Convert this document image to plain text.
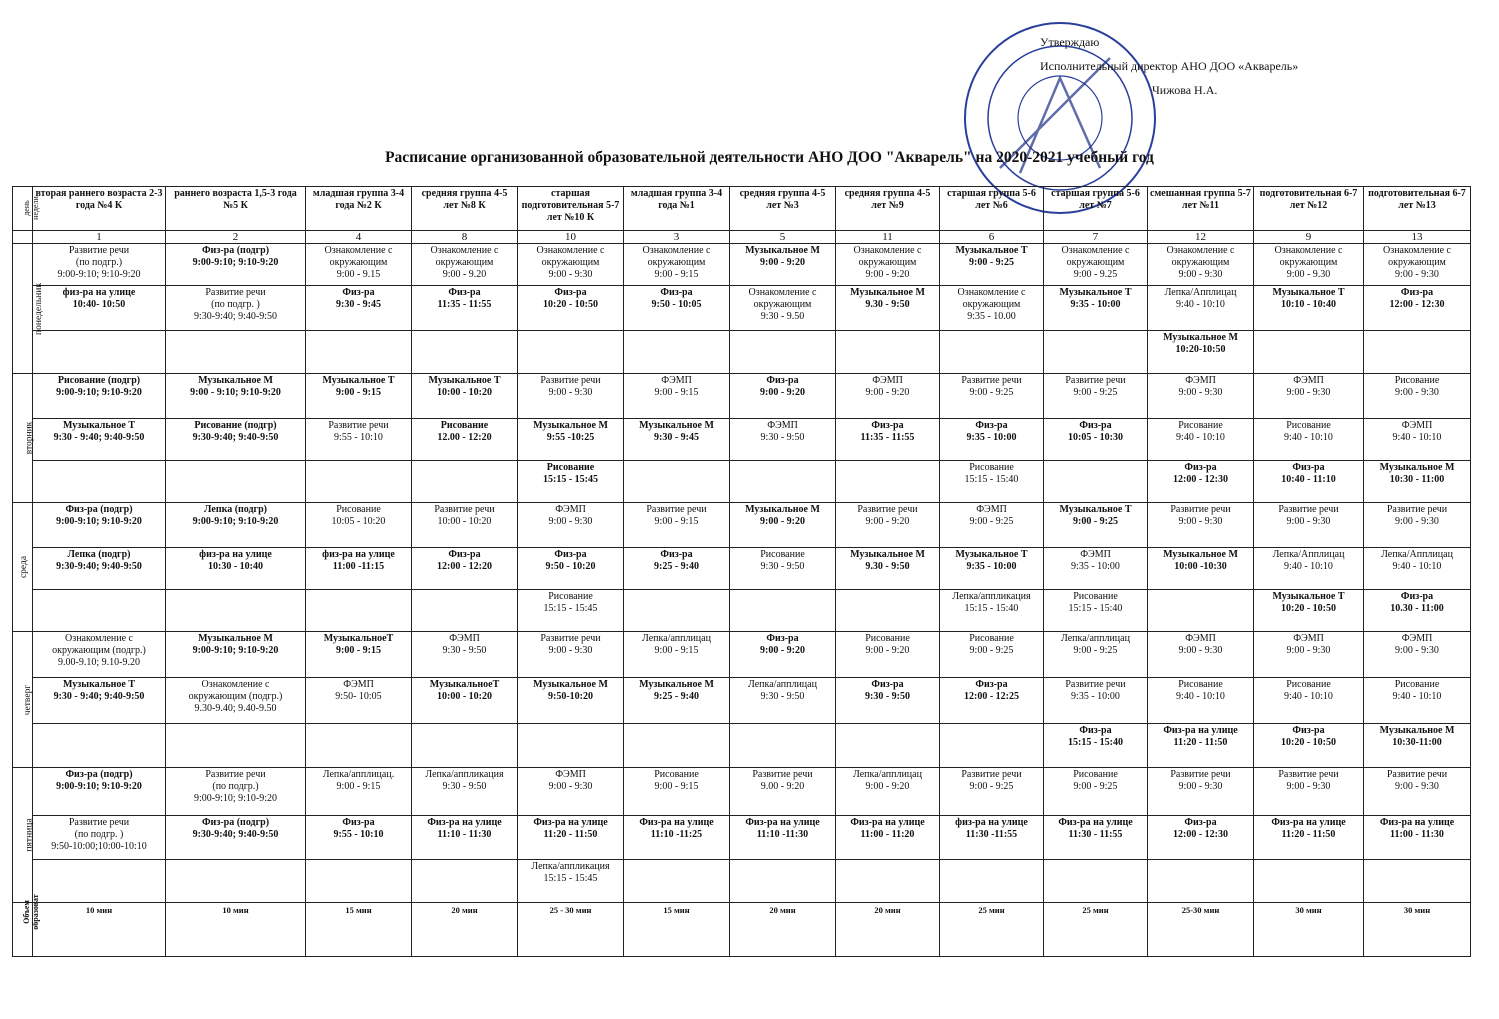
Утверждаю
Исполнительный директор АНО ДОО «Акварель»
Чижова Н.А.
Расписание организованной образовательной деятельности АНО ДОО "Акварель" на 2020-2021 учебный год
день недели	вторая раннего возраста 2-3 года №4 К	раннего возраста 1,5-3 года №5 К	младшая группа 3-4 года №2 К	средняя группа 4-5 лет №8 К	старшая подготовительная 5-7 лет №10 К	младшая группа 3-4 года №1	средняя группа 4-5 лет №3	средняя группа 4-5 лет №9	старшая группа 5-6 лет №6	старшая группа 5-6 лет №7	смешанная группа 5-7 лет №11	подготовительная 6-7 лет №12	подготовительная 6-7 лет №13
	1	2	4	8	10	3	5	11	6	7	12	9	13
понедельник	Развитие речи
(по подгр.)
9:00-9:10; 9:10-9:20	Физ-ра (подгр)
9:00-9:10; 9:10-9:20	Ознакомление с
окружающим
9:00 - 9.15	Ознакомление с
окружающим
9:00 - 9.20	Ознакомление с
окружающим
9:00 - 9:30	Ознакомление с
окружающим
9:00 - 9:15	Музыкальное М
9:00 - 9:20	Ознакомление с
окружающим
9:00 - 9:20	Музыкальное Т
9:00 - 9:25	Ознакомление с
окружающим
9:00 - 9.25	Ознакомление с
окружающим
9:00 - 9:30	Ознакомление с
окружающим
9:00 - 9.30	Ознакомление с
окружающим
9:00 - 9:30
	физ-ра на улице
10:40- 10:50	Развитие речи
(по подгр. )
9:30-9:40; 9:40-9:50	Физ-ра
9:30 - 9:45	Физ-ра
11:35 - 11:55	Физ-ра
10:20 - 10:50	Физ-ра
9:50 - 10:05	Ознакомление с
окружающим
9:30 - 9.50	Музыкальное М
9.30 - 9:50	Ознакомление с
окружающим
9:35 - 10.00	Музыкальное Т
9:35 - 10:00	Лепка/Апплицац
9:40 - 10:10	Музыкальное Т
10:10 - 10:40	Физ-ра
12:00 - 12:30
											Музыкальное М
10:20-10:50		
вторник	Рисование (подгр)
9:00-9:10; 9:10-9:20	Музыкальное М
9:00 - 9:10; 9:10-9:20	Музыкальное Т
9:00 - 9:15	Музыкальное Т
10:00 - 10:20	Развитие речи
9:00 - 9:30	ФЭМП
9:00 - 9:15	Физ-ра
9:00 - 9:20	ФЭМП
9:00 - 9:20	Развитие речи
9:00 - 9:25	Развитие речи
9:00 - 9:25	ФЭМП
9:00 - 9:30	ФЭМП
9:00 - 9:30	Рисование
9:00 - 9:30
	Музыкальное Т
9:30 - 9:40; 9:40-9:50	Рисование (подгр)
9:30-9:40; 9:40-9:50	Развитие речи
9:55 - 10:10	Рисование
12.00 - 12:20	Музыкальное М
9:55 -10:25	Музыкальное М
9:30 - 9:45	ФЭМП
9:30 - 9:50	Физ-ра
11:35 - 11:55	Физ-ра
9:35 - 10:00	Физ-ра
10:05 - 10:30	Рисование
9:40 - 10:10	Рисование
9:40 - 10:10	ФЭМП
9:40 - 10:10
					Рисование
15:15 - 15:45				Рисование
15:15 - 15:40		Физ-ра
12:00 - 12:30	Физ-ра
10:40 - 11:10	Музыкальное М
10:30 - 11:00
среда	Физ-ра (подгр)
9:00-9:10; 9:10-9:20	Лепка (подгр)
9:00-9:10; 9:10-9:20	Рисование
10:05 - 10:20	Развитие речи
10:00 - 10:20	ФЭМП
9:00 - 9:30	Развитие речи
9:00 - 9:15	Музыкальное М
9:00 - 9:20	Развитие речи
9:00 - 9:20	ФЭМП
9:00 - 9:25	Музыкальное Т
9:00 - 9:25	Развитие речи
9:00 - 9:30	Развитие речи
9:00 - 9:30	Развитие речи
9:00 - 9:30
	Лепка (подгр)
9:30-9:40; 9:40-9:50	физ-ра на улице
10:30 - 10:40	физ-ра на улице
11:00 -11:15	Физ-ра
12:00 - 12:20	Физ-ра
9:50 - 10:20	Физ-ра
9:25 - 9:40	Рисование
9:30 - 9:50	Музыкальное М
9.30 - 9:50	Музыкальное Т
9:35 - 10:00	ФЭМП
9:35 - 10:00	Музыкальное М
10:00 -10:30	Лепка/Апплицац
9:40 - 10:10	Лепка/Апплицац
9:40 - 10:10
					Рисование
15:15 - 15:45				Лепка/аппликация
15:15 - 15:40	Рисование
15:15 - 15:40		Музыкальное Т
10:20 - 10:50	Физ-ра
10.30 - 11:00
четверг	Ознакомление с
окружающим (подгр.)
9.00-9.10; 9.10-9.20	Музыкальное М
9:00-9:10; 9:10-9:20	МузыкальноеТ
9:00 - 9:15	ФЭМП
9:30 - 9:50	Развитие речи
9:00 - 9:30	Лепка/апплицац
9:00 - 9:15	Физ-ра
9:00 - 9:20	Рисование
9:00 - 9:20	Рисование
9:00 - 9:25	Лепка/апплицац
9:00 - 9:25	ФЭМП
9:00 - 9:30	ФЭМП
9:00 - 9:30	ФЭМП
9:00 - 9:30
	Музыкальное Т
9:30 - 9:40; 9:40-9:50	Ознакомление с
окружающим (подгр.)
9.30-9.40; 9.40-9.50	ФЭМП
9:50- 10:05	МузыкальноеТ
10:00 - 10:20	Музыкальное М
9:50-10:20	Музыкальное М
9:25 - 9:40	Лепка/апплицац
9:30 - 9:50	Физ-ра
9:30 - 9:50	Физ-ра
12:00 - 12:25	Развитие речи
9:35 - 10:00	Рисование
9:40 - 10:10	Рисование
9:40 - 10:10	Рисование
9:40 - 10:10
										Физ-ра
15:15 - 15:40	Физ-ра на улице
11:20 - 11:50	Физ-ра
10:20 - 10:50	Музыкальное М
10:30-11:00
пятница	Физ-ра (подгр)
9:00-9:10; 9:10-9:20	Развитие речи
(по подгр.)
9:00-9:10; 9:10-9:20	Лепка/апплицац.
9:00 - 9:15	Лепка/аппликация
9:30 - 9:50	ФЭМП
9:00 - 9:30	Рисование
9:00 - 9:15	Развитие речи
9.00 - 9:20	Лепка/апплицац
9:00 - 9:20	Развитие речи
9:00 - 9:25	Рисование
9:00 - 9:25	Развитие речи
9:00 - 9:30	Развитие речи
9:00 - 9:30	Развитие речи
9:00 - 9:30
	Развитие речи
(по подгр. )
9:50-10:00;10:00-10:10	Физ-ра (подгр)
9:30-9:40; 9:40-9:50	Физ-ра
9:55 - 10:10	Физ-ра на улице
11:10 - 11:30	Физ-ра на улице
11:20 - 11:50	Физ-ра на улице
11:10 -11:25	Физ-ра на улице
11:10 -11:30	Физ-ра на улице
11:00 - 11:20	физ-ра на улице
11:30 -11:55	Физ-ра на улице
11:30 - 11:55	Физ-ра
12:00 - 12:30	Физ-ра на улице
11:20 - 11:50	Физ-ра на улице
11:00 - 11:30
					Лепка/аппликация
15:15 - 15:45								
Объем образоват	10 мин	10 мин	15 мин	20 мин	25 - 30 мин	15 мин	20 мин	20 мин	25 мин	25 мин	25-30 мин	30 мин	30 мин
